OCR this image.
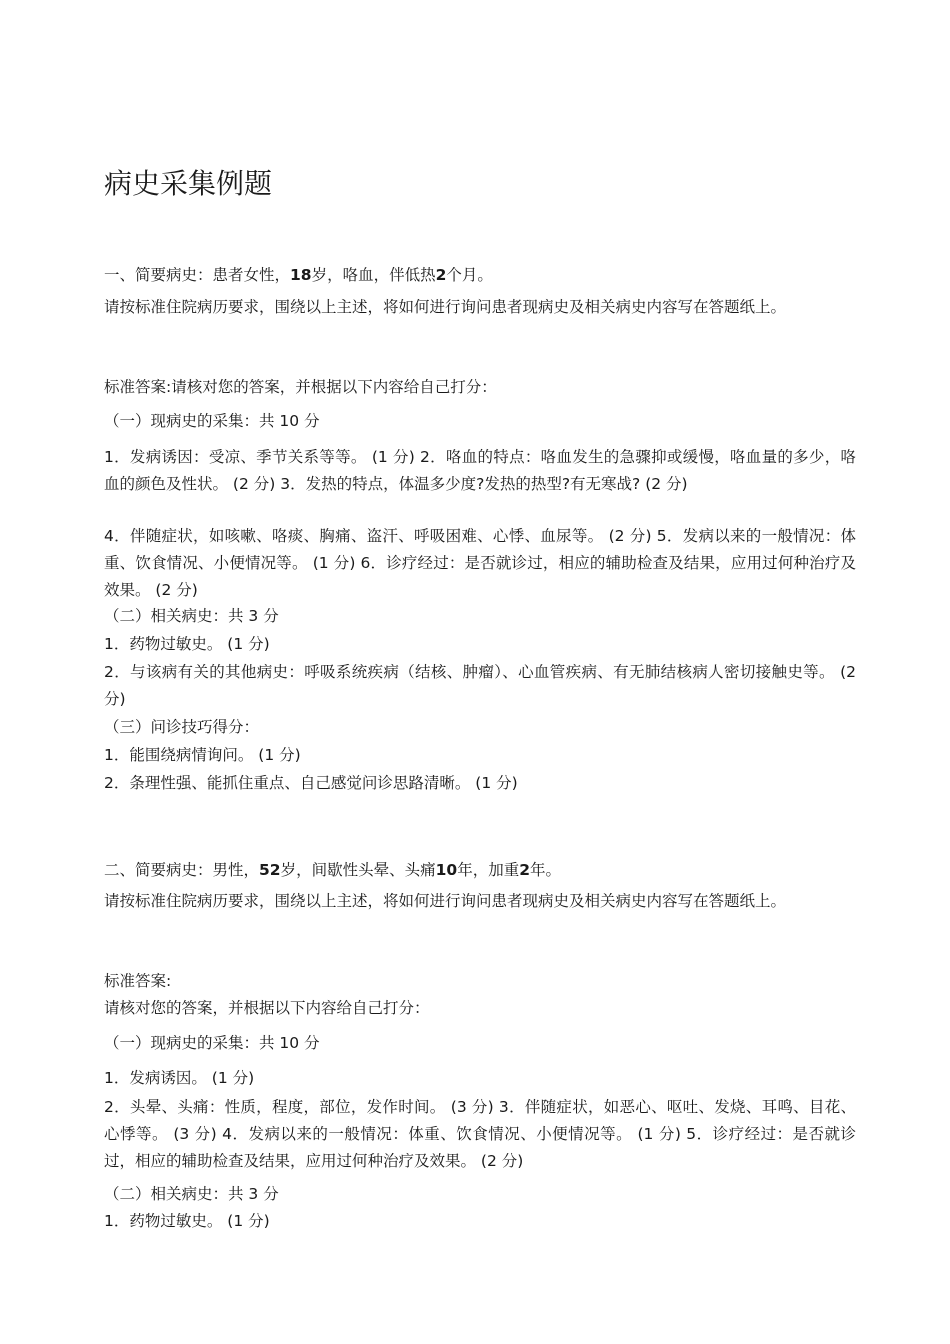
病史采集例题

一、简要病史：患者女性，18岁，咯血，伴低热2个月。

请按标准住院病历要求，围绕以上主述，将如何进行询问患者现病史及相关病史内容写在答题纸上。

标准答案:请核对您的答案，并根据以下内容给自己打分：

（一）现病史的采集：共 10 分

1．发病诱因：受凉、季节关系等等。 (1 分) 2．咯血的特点：咯血发生的急骤抑或缓慢，咯血量的多少，咯血的颜色及性状。 (2 分) 3．发热的特点，体温多少度?发热的热型?有无寒战? (2 分)

4．伴随症状，如咳嗽、咯痰、胸痛、盗汗、呼吸困难、心悸、血尿等。 (2 分) 5．发病以来的一般情况：体重、饮食情况、小便情况等。 (1 分) 6．诊疗经过：是否就诊过，相应的辅助检查及结果，应用过何种治疗及效果。 (2 分)

（二）相关病史：共 3 分

1．药物过敏史。 (1 分)

2．与该病有关的其他病史：呼吸系统疾病（结核、肿瘤）、心血管疾病、有无肺结核病人密切接触史等。 (2 分)

（三）问诊技巧得分：

1．能围绕病情询问。 (1 分)

2．条理性强、能抓住重点、自己感觉问诊思路清晰。 (1 分)

二、简要病史：男性，52岁，间歇性头晕、头痛10年，加重2年。

请按标准住院病历要求，围绕以上主述，将如何进行询问患者现病史及相关病史内容写在答题纸上。

标准答案:

请核对您的答案，并根据以下内容给自己打分：

（一）现病史的采集：共 10 分

1．发病诱因。 (1 分)

2．头晕、头痛：性质，程度，部位，发作时间。 (3 分) 3．伴随症状，如恶心、呕吐、发烧、耳鸣、目花、心悸等。 (3 分) 4．发病以来的一般情况：体重、饮食情况、小便情况等。 (1 分) 5．诊疗经过：是否就诊过，相应的辅助检查及结果，应用过何种治疗及效果。 (2 分)

（二）相关病史：共 3 分

1．药物过敏史。 (1 分)
